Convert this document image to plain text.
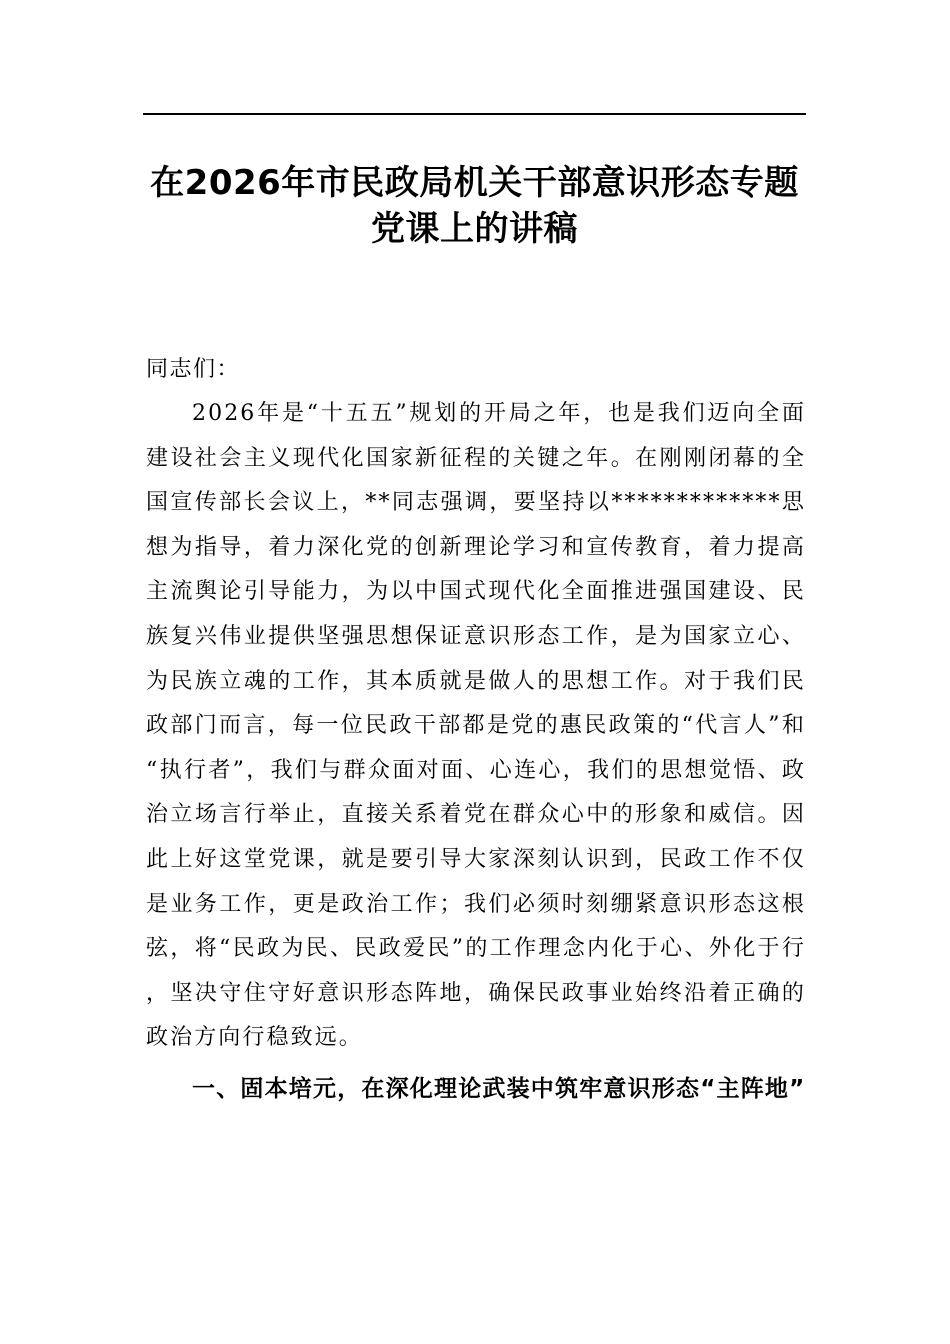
在2026年市民政局机关干部意识形态专题
党课上的讲稿

同志们：

2026年是“十五五”规划的开局之年，也是我们迈向全面建设社会主义现代化国家新征程的关键之年。在刚刚闭幕的全国宣传部长会议上，**同志强调，要坚持以*************思想为指导，着力深化党的创新理论学习和宣传教育，着力提高主流舆论引导能力，为以中国式现代化全面推进强国建设、民族复兴伟业提供坚强思想保证意识形态工作，是为国家立心、为民族立魂的工作，其本质就是做人的思想工作。对于我们民政部门而言，每一位民政干部都是党的惠民政策的“代言人”和“执行者”，我们与群众面对面、心连心，我们的思想觉悟、政治立场言行举止，直接关系着党在群众心中的形象和威信。因此上好这堂党课，就是要引导大家深刻认识到，民政工作不仅是业务工作，更是政治工作；我们必须时刻绷紧意识形态这根弦，将“民政为民、民政爱民”的工作理念内化于心、外化于行，坚决守住守好意识形态阵地，确保民政事业始终沿着正确的政治方向行稳致远。

一、固本培元，在深化理论武装中筑牢意识形态“主阵地”
